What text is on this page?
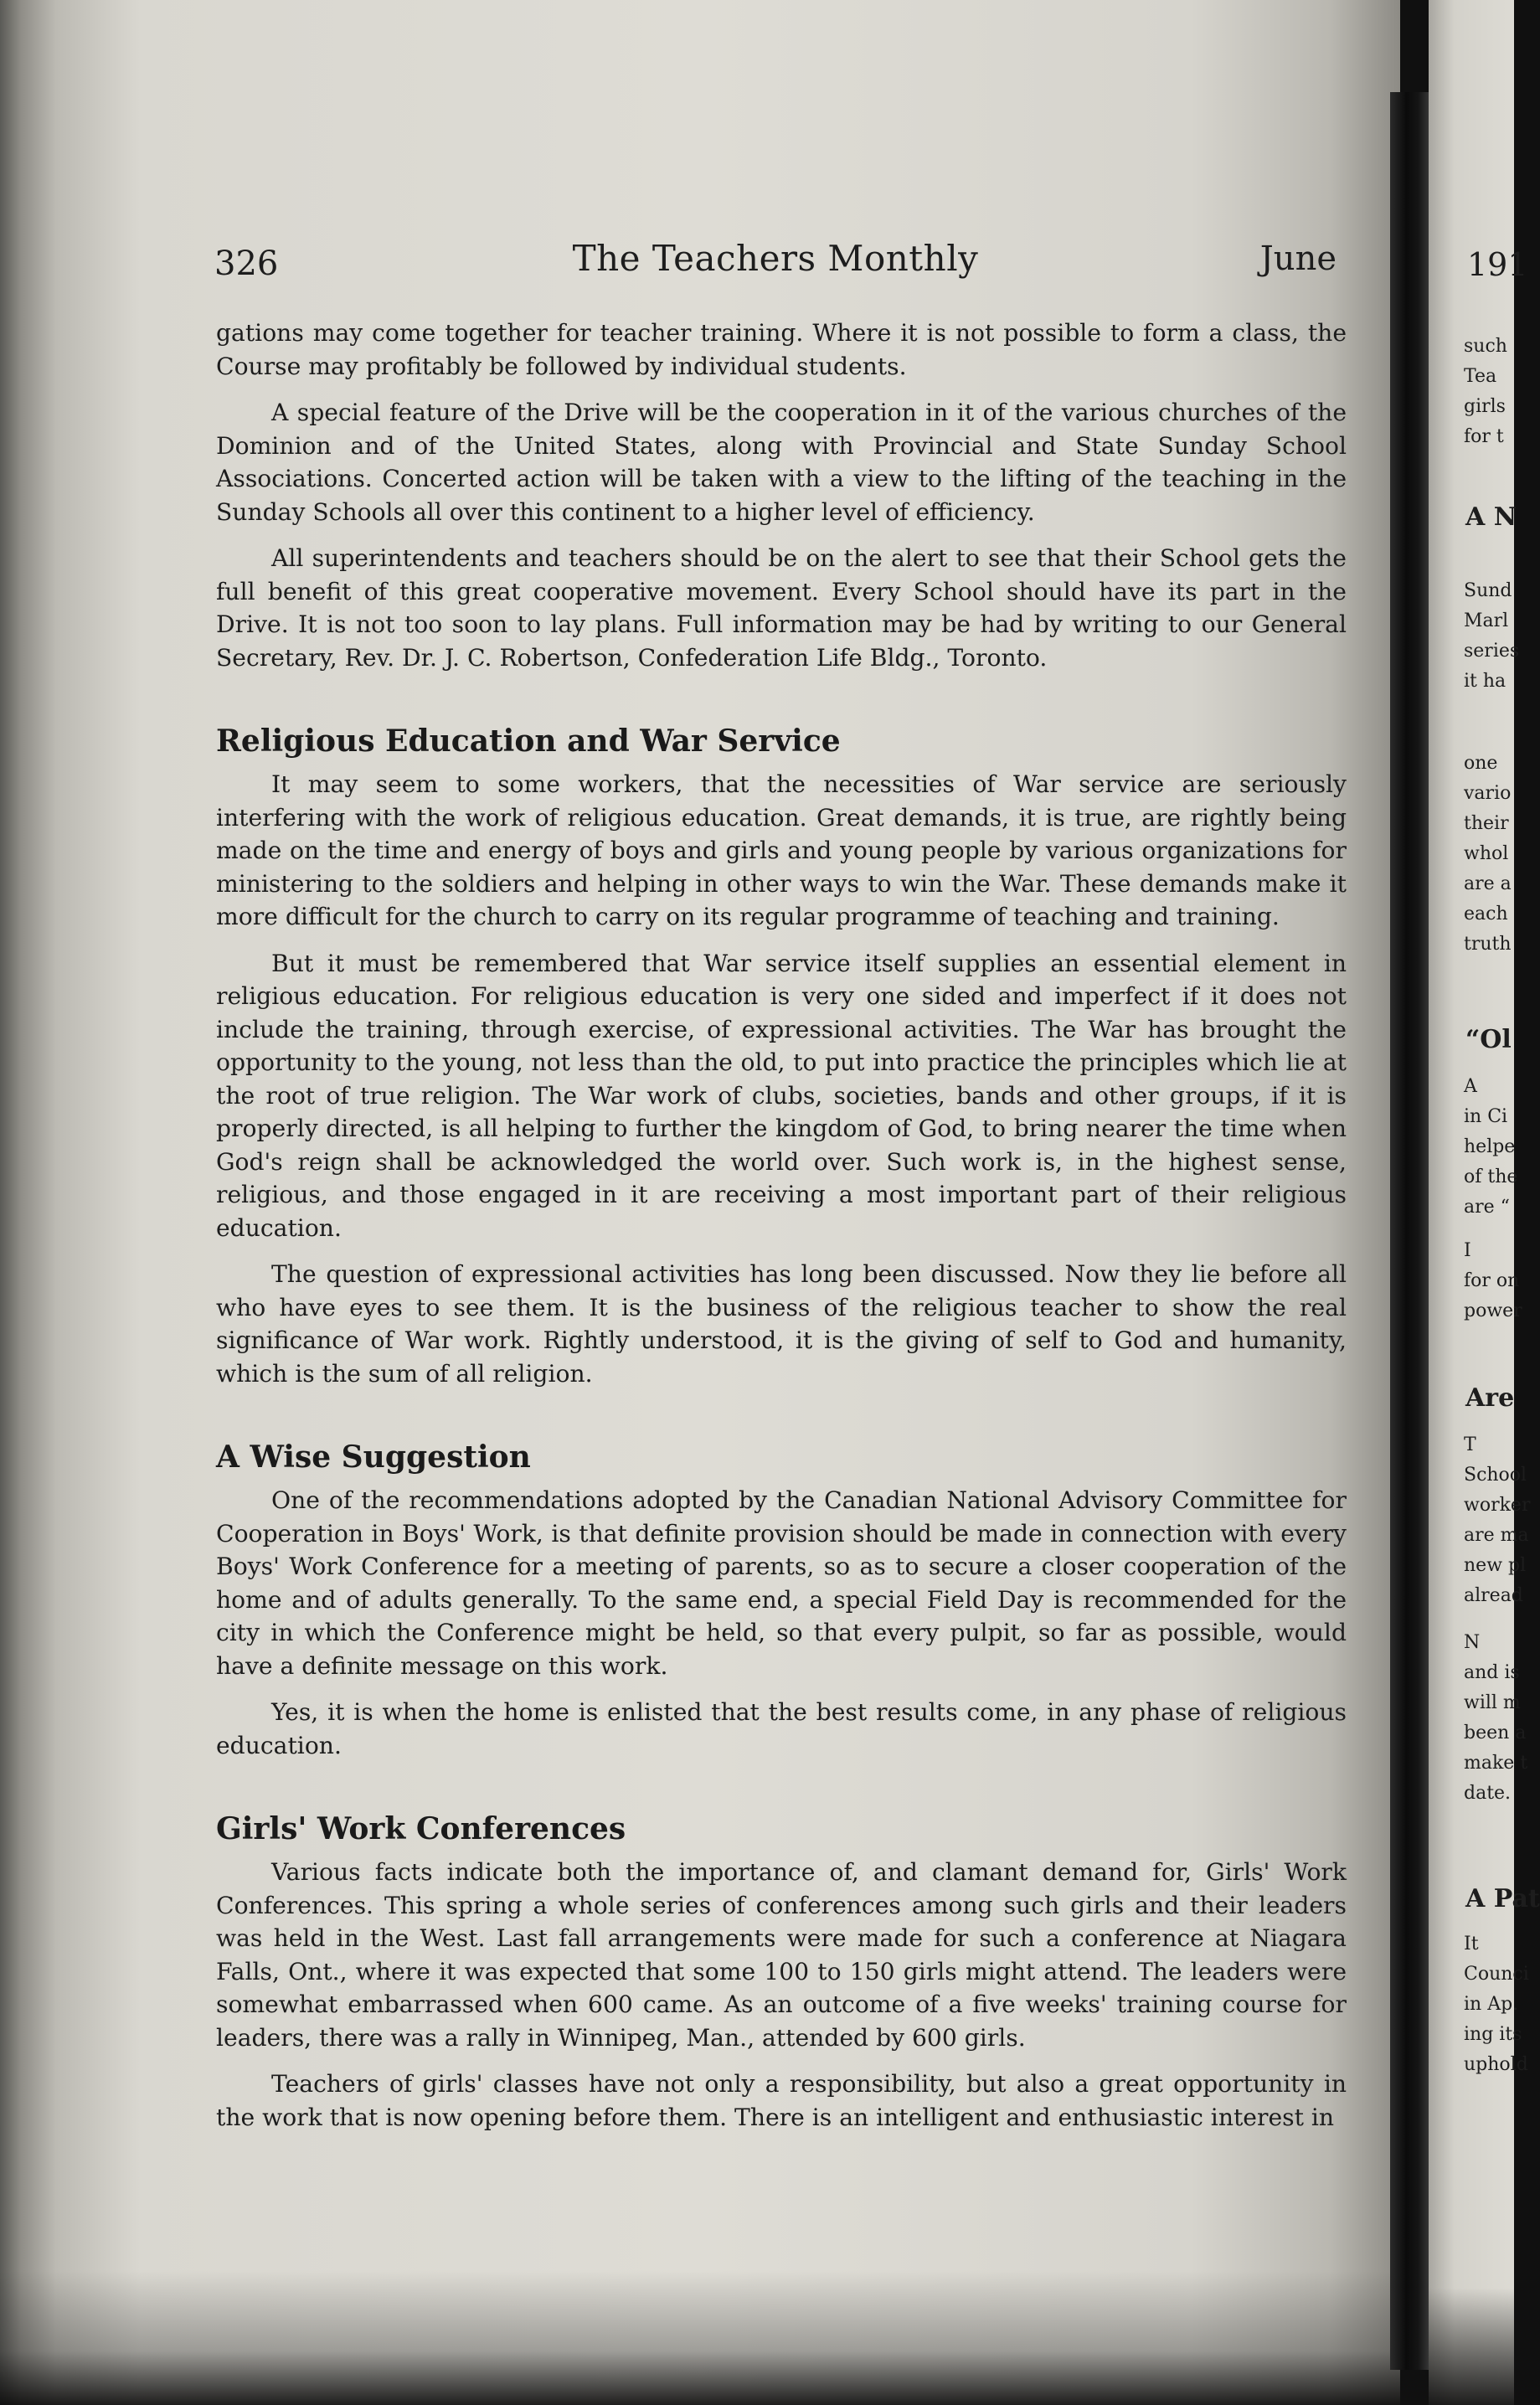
326	The Teachers Monthly	June

gations may come together for teacher training. Where it is not possible to form a class, the Course may profitably be followed by individual students.

A special feature of the Drive will be the cooperation in it of the various churches of the Dominion and of the United States, along with Provincial and State Sunday School Associations. Concerted action will be taken with a view to the lifting of the teaching in the Sunday Schools all over this continent to a higher level of efficiency.

All superintendents and teachers should be on the alert to see that their School gets the full benefit of this great cooperative movement. Every School should have its part in the Drive. It is not too soon to lay plans. Full information may be had by writing to our General Secretary, Rev. Dr. J. C. Robertson, Confederation Life Bldg., Toronto.

Religious Education and War Service

It may seem to some workers, that the necessities of War service are seriously interfering with the work of religious education. Great demands, it is true, are rightly being made on the time and energy of boys and girls and young people by various organizations for ministering to the soldiers and helping in other ways to win the War. These demands make it more difficult for the church to carry on its regular programme of teaching and training.

But it must be remembered that War service itself supplies an essential element in religious education. For religious education is very one sided and imperfect if it does not include the training, through exercise, of expressional activities. The War has brought the opportunity to the young, not less than the old, to put into practice the principles which lie at the root of true religion. The War work of clubs, societies, bands and other groups, if it is properly directed, is all helping to further the kingdom of God, to bring nearer the time when God's reign shall be acknowledged the world over. Such work is, in the highest sense, religious, and those engaged in it are receiving a most important part of their religious education.

The question of expressional activities has long been discussed. Now they lie before all who have eyes to see them. It is the business of the religious teacher to show the real significance of War work. Rightly understood, it is the giving of self to God and humanity, which is the sum of all religion.

A Wise Suggestion

One of the recommendations adopted by the Canadian National Advisory Committee for Cooperation in Boys' Work, is that definite provision should be made in connection with every Boys' Work Conference for a meeting of parents, so as to secure a closer cooperation of the home and of adults generally. To the same end, a special Field Day is recommended for the city in which the Conference might be held, so that every pulpit, so far as possible, would have a definite message on this work.

Yes, it is when the home is enlisted that the best results come, in any phase of religious education.

Girls' Work Conferences

Various facts indicate both the importance of, and clamant demand for, Girls' Work Conferences. This spring a whole series of conferences among such girls and their leaders was held in the West. Last fall arrangements were made for such a conference at Niagara Falls, Ont., where it was expected that some 100 to 150 girls might attend. The leaders were somewhat embarrassed when 600 came. As an outcome of a five weeks' training course for leaders, there was a rally in Winnipeg, Man., attended by 600 girls.

Teachers of girls' classes have not only a responsibility, but also a great opportunity in the work that is now opening before them. There is an intelligent and enthusiastic interest in

191
such
Tea
girls
for t
A N
Sund
Marl
series
it ha
one
vario
their
whol
are a
each
truth
“Ol
A
in Ci
helpe
of the
are “
I
for on
power
Are
T
School
worker
are ma
new pl
alread
N
and is
will m
been a
make t
date.
A Pat
It
Counci
in Ap.
ing its
uphold
